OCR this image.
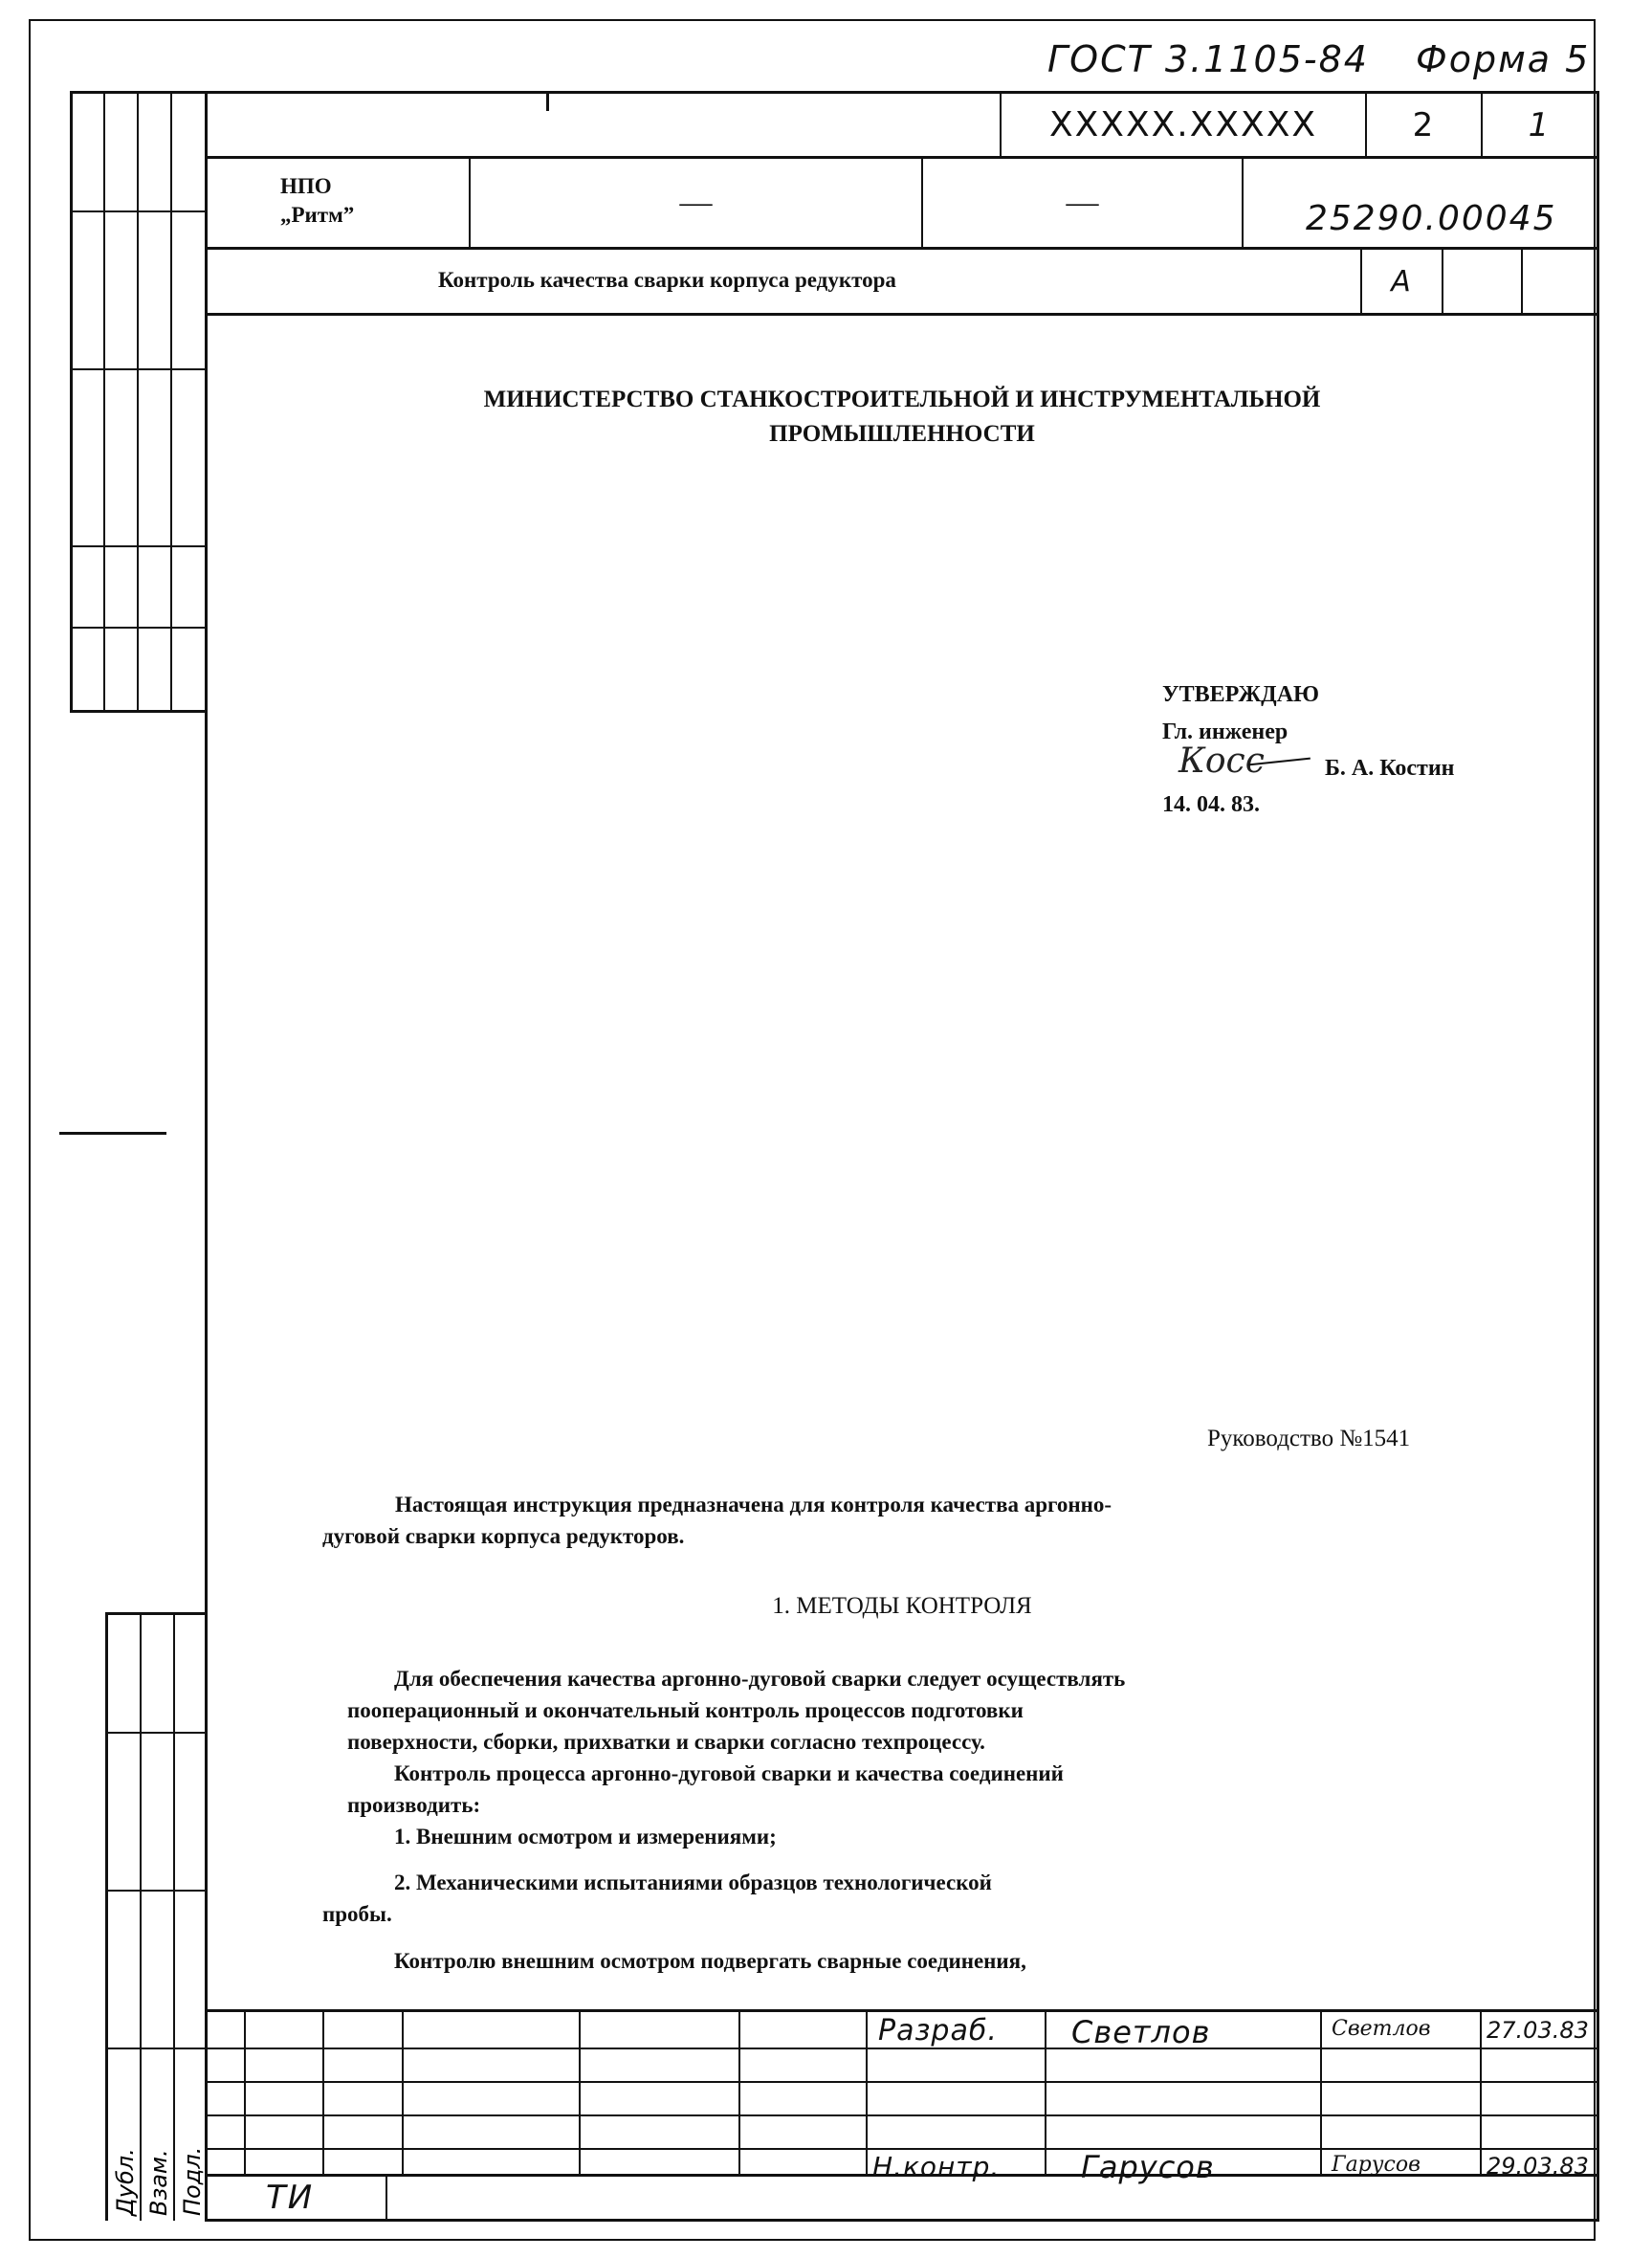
ГОСТ 3.1105-84 Форма 5
Дубл. Взам. Подл.
XXXXX.XXXXX	2	1
НПО
„Ритм”	—	—	25290.00045
Контроль качества сварки корпуса редуктора	А
МИНИСТЕРСТВО СТАНКОСТРОИТЕЛЬНОЙ И ИНСТРУМЕНТАЛЬНОЙ
ПРОМЫШЛЕННОСТИ
УТВЕРЖДАЮ
Гл. инженер
Косс	Б. А. Костин
14. 04. 83.
Руководство №1541
Настоящая инструкция предназначена для контроля качества аргонно-
дуговой сварки корпуса редукторов.
1. МЕТОДЫ КОНТРОЛЯ
Для обеспечения качества аргонно-дуговой сварки следует осуществлять
пооперационный и окончательный контроль процессов подготовки
поверхности, сборки, прихватки и сварки согласно техпроцессу.
Контроль процесса аргонно-дуговой сварки и качества соединений
производить:
1. Внешним осмотром и измерениями;
2. Механическими испытаниями образцов технологической
пробы.
Контролю внешним осмотром подвергать сварные соединения,
Разраб. Светлов	Светлов 27.03.83
Н.контр.	Гарусов	Гарусов	29.03.83
ТИ
